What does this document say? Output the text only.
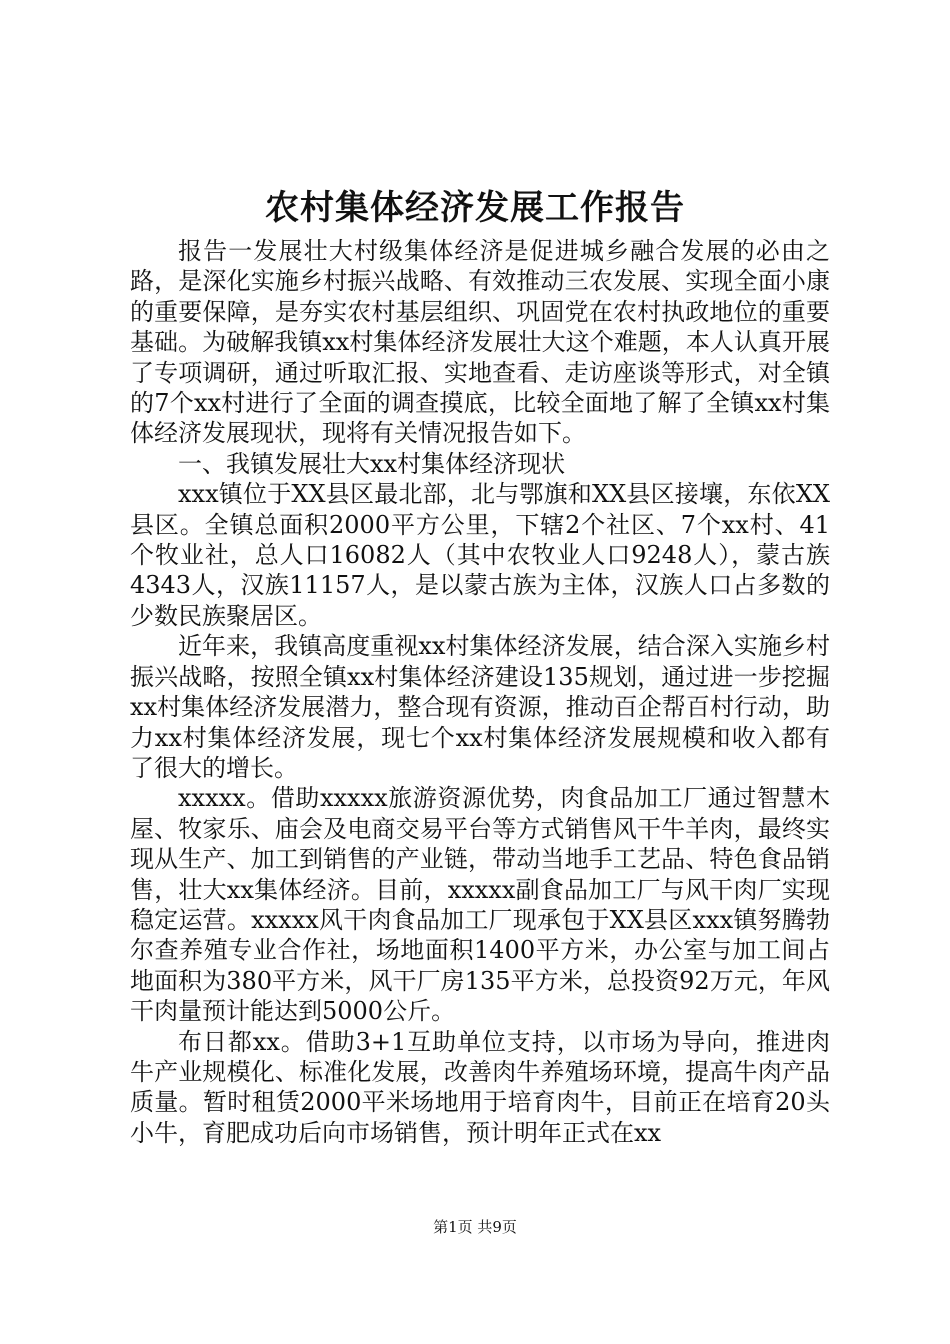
农村集体经济发展工作报告

报告一发展壮大村级集体经济是促进城乡融合发展的必由之路，是深化实施乡村振兴战略、有效推动三农发展、实现全面小康的重要保障，是夯实农村基层组织、巩固党在农村执政地位的重要基础。为破解我镇xx村集体经济发展壮大这个难题，本人认真开展了专项调研，通过听取汇报、实地查看、走访座谈等形式，对全镇的7个xx村进行了全面的调查摸底，比较全面地了解了全镇xx村集体经济发展现状，现将有关情况报告如下。

一、我镇发展壮大xx村集体经济现状

xxx镇位于XX县区最北部，北与鄂旗和XX县区接壤，东依XX县区。全镇总面积2000平方公里，下辖2个社区、7个xx村、41个牧业社，总人口16082人（其中农牧业人口9248人），蒙古族4343人，汉族11157人，是以蒙古族为主体，汉族人口占多数的少数民族聚居区。

近年来，我镇高度重视xx村集体经济发展，结合深入实施乡村振兴战略，按照全镇xx村集体经济建设135规划，通过进一步挖掘xx村集体经济发展潜力，整合现有资源，推动百企帮百村行动，助力xx村集体经济发展，现七个xx村集体经济发展规模和收入都有了很大的增长。

xxxxx。借助xxxxx旅游资源优势，肉食品加工厂通过智慧木屋、牧家乐、庙会及电商交易平台等方式销售风干牛羊肉，最终实现从生产、加工到销售的产业链，带动当地手工艺品、特色食品销售，壮大xx集体经济。目前，xxxxx副食品加工厂与风干肉厂实现稳定运营。xxxxx风干肉食品加工厂现承包于XX县区xxx镇努腾勃尔查养殖专业合作社，场地面积1400平方米，办公室与加工间占地面积为380平方米，风干厂房135平方米，总投资92万元，年风干肉量预计能达到5000公斤。

布日都xx。借助3+1互助单位支持，以市场为导向，推进肉牛产业规模化、标准化发展，改善肉牛养殖场环境，提高牛肉产品质量。暂时租赁2000平米场地用于培育肉牛，目前正在培育20头小牛，育肥成功后向市场销售，预计明年正式在xx

第1页 共9页
